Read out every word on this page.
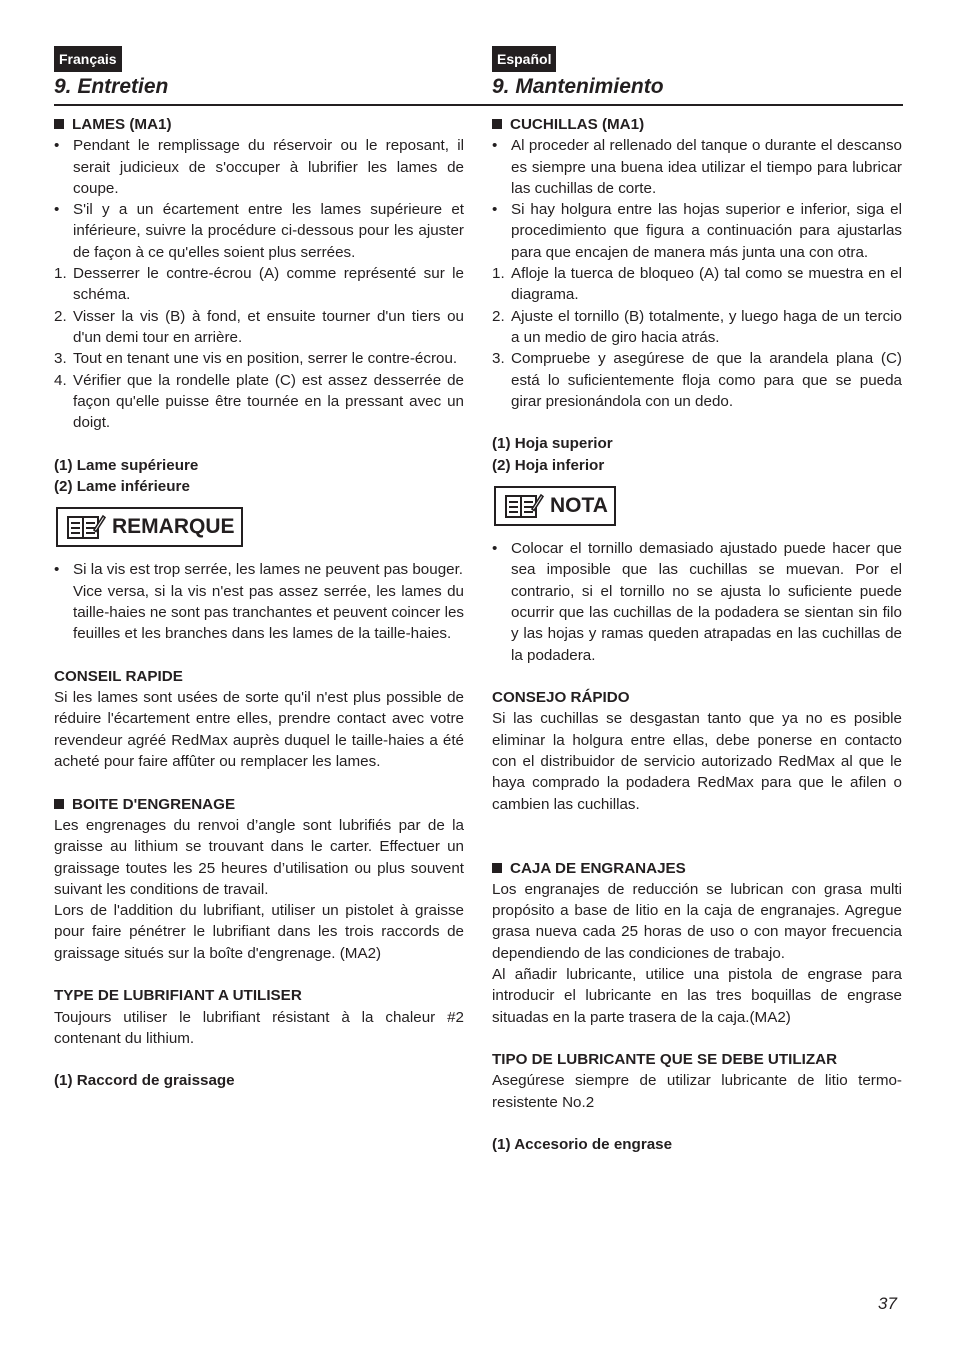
Français
9. Entretien
Español
9. Mantenimiento

LAMES (MA1)

• Pendant le remplissage du réservoir ou le reposant, il serait judicieux de s'occuper à lubrifier les lames de coupe.
• S'il y a un écartement entre les lames supérieure et inférieure, suivre la procédure ci-dessous pour les ajuster de façon à ce qu'elles soient plus serrées.
1. Desserrer le contre-écrou (A) comme représenté sur le schéma.
2. Visser la vis (B) à fond, et ensuite tourner d'un tiers ou d'un demi tour en arrière.
3. Tout en tenant une vis en position, serrer le contre-écrou.
4. Vérifier que la rondelle plate (C) est assez desserrée de façon qu'elle puisse être tournée en la pressant avec un doigt.

(1) Lame supérieure

(2) Lame inférieure

REMARQUE
• Si la vis est trop serrée, les lames ne peuvent pas bouger.

Vice versa, si la vis n'est pas assez serrée, les lames du taille-haies ne sont pas tranchantes et peuvent coincer les feuilles et les branches dans les lames de la taille-haies.

CONSEIL RAPIDE

Si les lames sont usées de sorte qu'il n'est plus possible de réduire l'écartement entre elles, prendre contact avec votre revendeur agréé RedMax auprès duquel le taille-haies a été acheté pour faire affûter ou remplacer les lames.

BOITE D'ENGRENAGE

Les engrenages du renvoi d’angle sont lubrifiés par de la graisse au lithium se trouvant dans le carter. Effectuer un graissage toutes les 25 heures d’utilisation ou plus souvent suivant les conditions de travail.

Lors de l'addition du lubrifiant, utiliser un pistolet à graisse pour faire pénétrer le lubrifiant dans les trois raccords de graissage situés sur la boîte d'engrenage. (MA2)

TYPE DE LUBRIFIANT A UTILISER

Toujours utiliser le lubrifiant résistant à la chaleur #2 contenant du lithium.

(1) Raccord de graissage

CUCHILLAS (MA1)

• Al proceder al rellenado del tanque o durante el descanso es siempre una buena idea utilizar el tiempo para lubricar las cuchillas de corte.
• Si hay holgura entre las hojas superior e inferior, siga el procedimiento que figura a continuación para ajustarlas para que encajen de manera más junta una con otra.
1. Afloje la tuerca de bloqueo (A) tal como se muestra en el diagrama.
2. Ajuste el tornillo (B) totalmente, y luego haga de un tercio a un medio de giro hacia atrás.
3. Compruebe y asegúrese de que la arandela plana (C) está lo suficientemente floja como para que se pueda girar presionándola con un dedo.

(1) Hoja superior

(2) Hoja inferior

NOTA
• Colocar el tornillo demasiado ajustado puede hacer que sea imposible que las cuchillas se muevan. Por el contrario, si el tornillo no se ajusta lo suficiente puede ocurrir que las cuchillas de la podadera se sientan sin filo y las hojas y ramas queden atrapadas en las cuchillas de la podadera.

CONSEJO RÁPIDO

Si las cuchillas se desgastan tanto que ya no es posible eliminar la holgura entre ellas, debe ponerse en contacto con el distribuidor de servicio autorizado RedMax al que le haya comprado la podadera RedMax para que le afilen o cambien las cuchillas.

CAJA DE ENGRANAJES

Los engranajes de reducción se lubrican con grasa multi propósito a base de litio en la caja de engranajes. Agregue grasa nueva cada 25 horas de uso o con mayor frecuencia dependiendo de las condiciones de trabajo.

Al añadir lubricante, utilice una pistola de engrase para introducir el lubricante en las tres boquillas de engrase situadas en la parte trasera de la caja.(MA2)

TIPO DE LUBRICANTE QUE SE DEBE UTILIZAR

Asegúrese siempre de utilizar lubricante de litio termo-resistente No.2

(1) Accesorio de engrase

37
